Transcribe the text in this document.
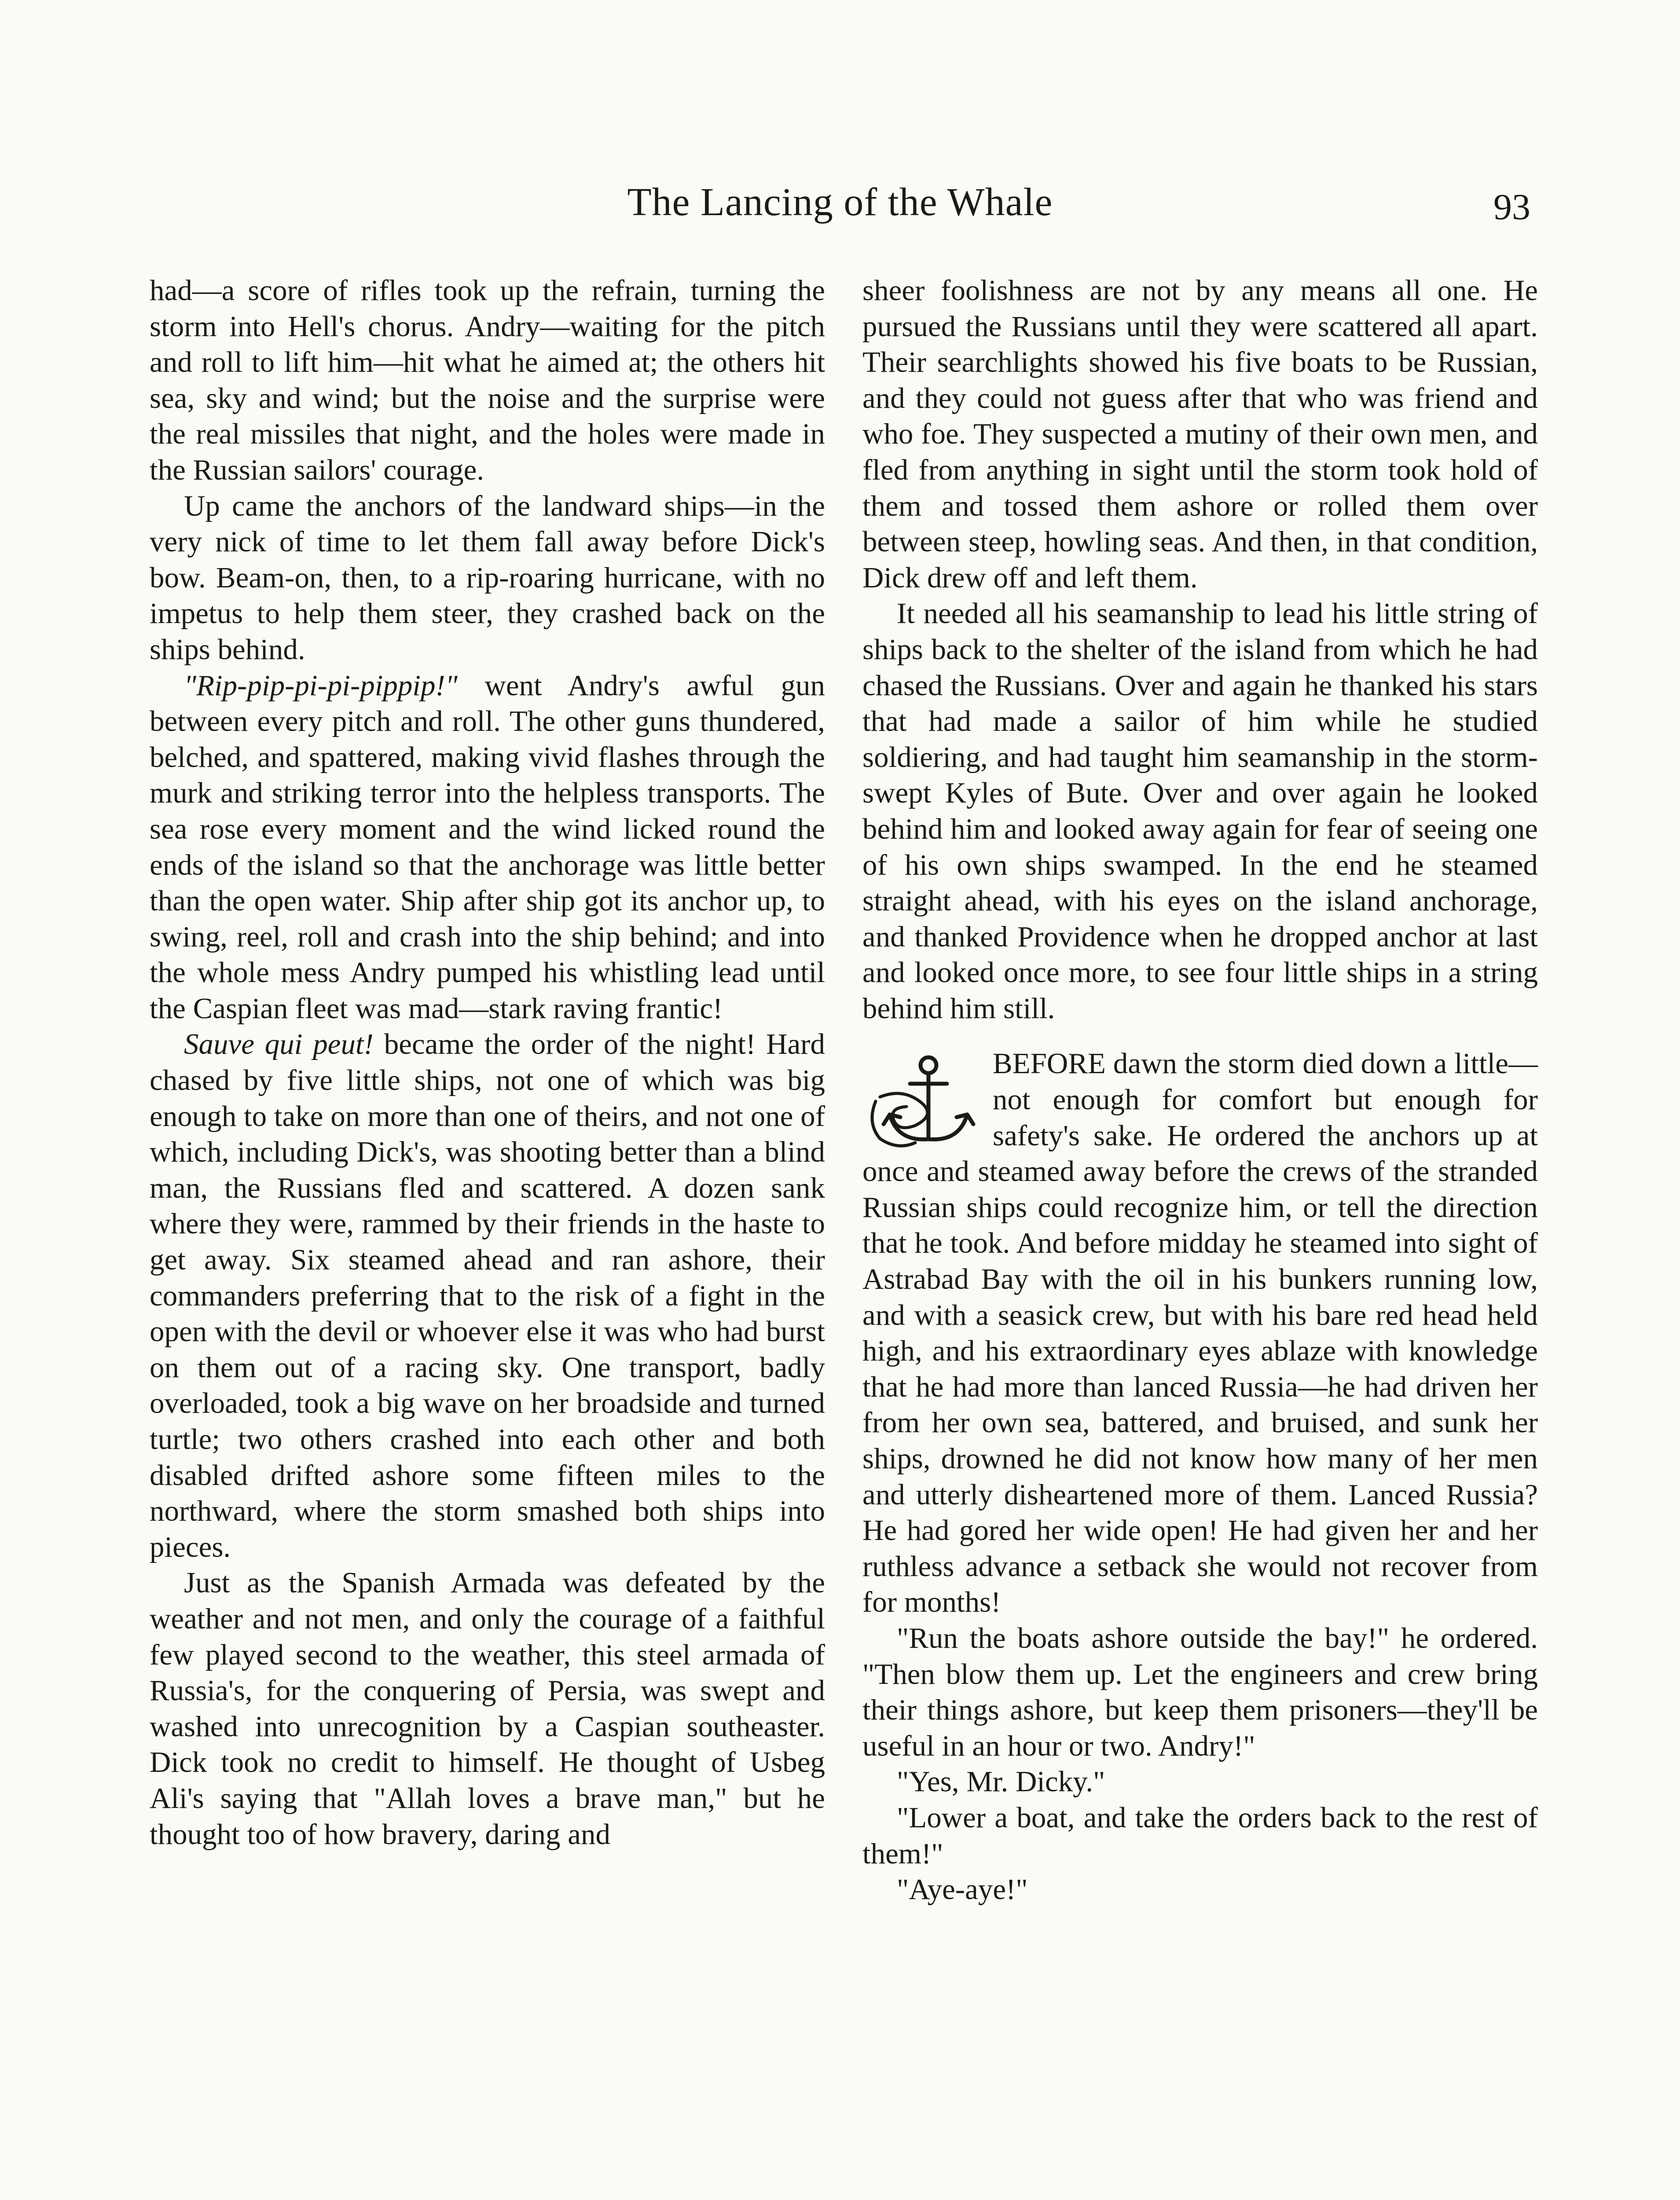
The Lancing of the Whale	93

had—a score of rifles took up the refrain, turning the storm into Hell's chorus. Andry—waiting for the pitch and roll to lift him—hit what he aimed at; the others hit sea, sky and wind; but the noise and the surprise were the real missiles that night, and the holes were made in the Russian sailors' courage.

Up came the anchors of the landward ships—in the very nick of time to let them fall away before Dick's bow. Beam-on, then, to a rip-roaring hurricane, with no impetus to help them steer, they crashed back on the ships behind.

"Rip-pip-pi-pi-pippip!" went Andry's awful gun between every pitch and roll. The other guns thundered, belched, and spattered, making vivid flashes through the murk and striking terror into the helpless transports. The sea rose every moment and the wind licked round the ends of the island so that the anchorage was little better than the open water. Ship after ship got its anchor up, to swing, reel, roll and crash into the ship behind; and into the whole mess Andry pumped his whistling lead until the Caspian fleet was mad—stark raving frantic!

Sauve qui peut! became the order of the night! Hard chased by five little ships, not one of which was big enough to take on more than one of theirs, and not one of which, including Dick's, was shooting better than a blind man, the Russians fled and scattered. A dozen sank where they were, rammed by their friends in the haste to get away. Six steamed ahead and ran ashore, their commanders preferring that to the risk of a fight in the open with the devil or whoever else it was who had burst on them out of a racing sky. One transport, badly overloaded, took a big wave on her broadside and turned turtle; two others crashed into each other and both disabled drifted ashore some fifteen miles to the northward, where the storm smashed both ships into pieces.

Just as the Spanish Armada was defeated by the weather and not men, and only the courage of a faithful few played second to the weather, this steel armada of Russia's, for the conquering of Persia, was swept and washed into unrecognition by a Caspian southeaster. Dick took no credit to himself. He thought of Usbeg Ali's saying that "Allah loves a brave man," but he thought too of how bravery, daring and

sheer foolishness are not by any means all one. He pursued the Russians until they were scattered all apart. Their searchlights showed his five boats to be Russian, and they could not guess after that who was friend and who foe. They suspected a mutiny of their own men, and fled from anything in sight until the storm took hold of them and tossed them ashore or rolled them over between steep, howling seas. And then, in that condition, Dick drew off and left them.

It needed all his seamanship to lead his little string of ships back to the shelter of the island from which he had chased the Russians. Over and again he thanked his stars that had made a sailor of him while he studied soldiering, and had taught him seamanship in the storm-swept Kyles of Bute. Over and over again he looked behind him and looked away again for fear of seeing one of his own ships swamped. In the end he steamed straight ahead, with his eyes on the island anchorage, and thanked Providence when he dropped anchor at last and looked once more, to see four little ships in a string behind him still.

BEFORE dawn the storm died down a little—not enough for comfort but enough for safety's sake. He ordered the anchors up at once and steamed away before the crews of the stranded Russian ships could recognize him, or tell the direction that he took. And before midday he steamed into sight of Astrabad Bay with the oil in his bunkers running low, and with a seasick crew, but with his bare red head held high, and his extraordinary eyes ablaze with knowledge that he had more than lanced Russia—he had driven her from her own sea, battered, and bruised, and sunk her ships, drowned he did not know how many of her men and utterly disheartened more of them. Lanced Russia? He had gored her wide open! He had given her and her ruthless advance a setback she would not recover from for months!

"Run the boats ashore outside the bay!" he ordered. "Then blow them up. Let the engineers and crew bring their things ashore, but keep them prisoners—they'll be useful in an hour or two. Andry!"

"Yes, Mr. Dicky."

"Lower a boat, and take the orders back to the rest of them!"

"Aye-aye!"
